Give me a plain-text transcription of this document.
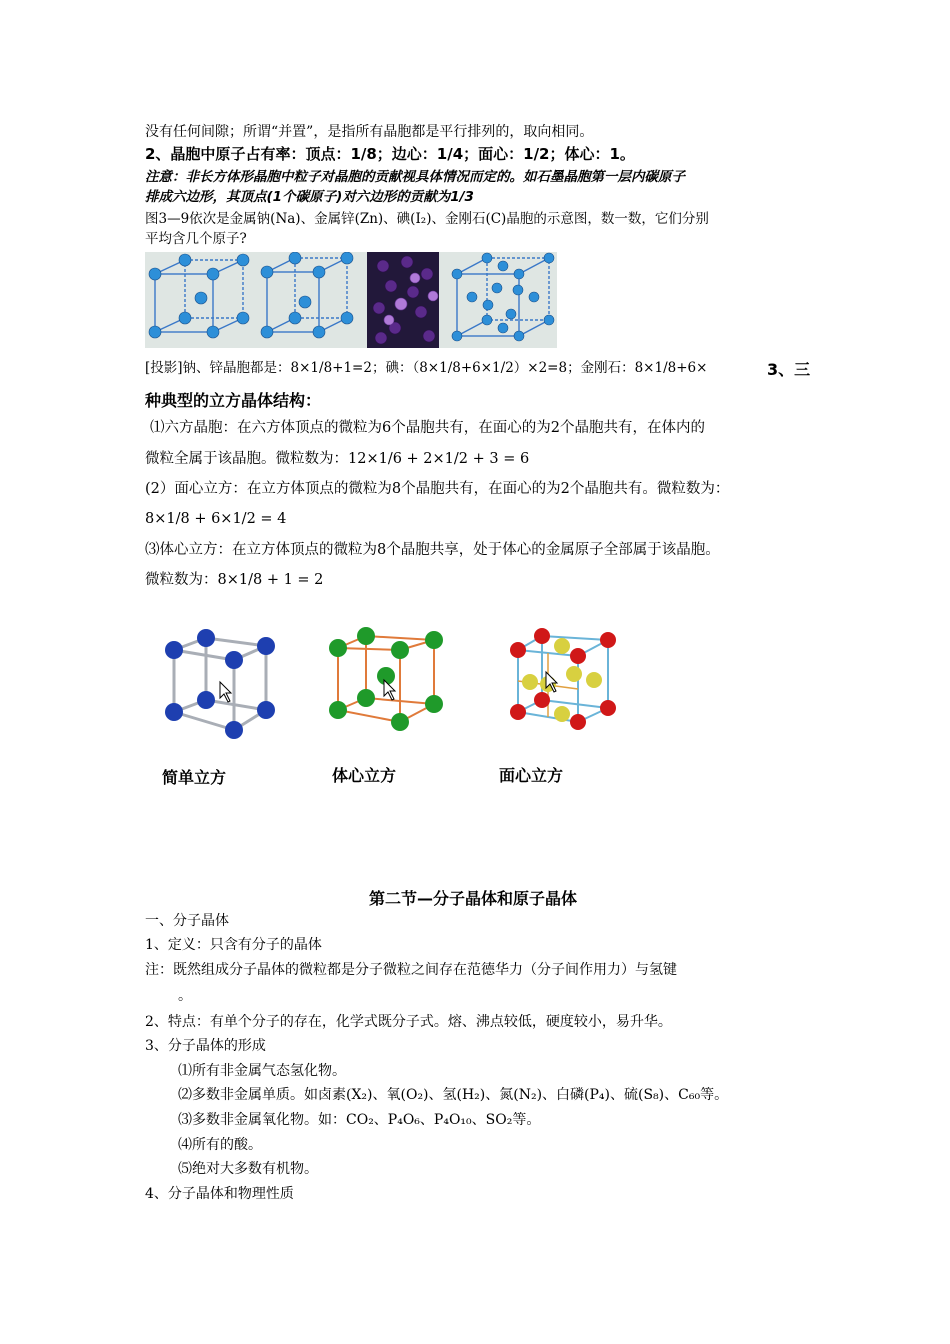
没有任何间隙；所谓“并置”，是指所有晶胞都是平行排列的，取向相同。
2、晶胞中原子占有率：顶点：1/8；边心：1/4；面心：1/2；体心：1。
注意：非长方体形晶胞中粒子对晶胞的贡献视具体情况而定的。如石墨晶胞第一层内碳原子
排成六边形，其顶点(1个碳原子)对六边形的贡献为1/3
图3—9依次是金属钠(Na)、金属锌(Zn)、碘(I₂)、金刚石(C)晶胞的示意图，数一数，它们分别
平均含几个原子?
[投影]钠、锌晶胞都是：8×1/8+1=2；碘：（8×1/8+6×1/2）×2=8；金刚石：8×1/8+6×	3、三
种典型的立方晶体结构：
⑴六方晶胞：在六方体顶点的微粒为6个晶胞共有，在面心的为2个晶胞共有，在体内的
微粒全属于该晶胞。微粒数为：12×1/6 + 2×1/2 + 3 = 6
(2）面心立方：在立方体顶点的微粒为8个晶胞共有，在面心的为2个晶胞共有。微粒数为：
8×1/8 + 6×1/2 = 4
⑶体心立方：在立方体顶点的微粒为8个晶胞共享，处于体心的金属原子全部属于该晶胞。
微粒数为：8×1/8 + 1 = 2
简单立方	体心立方	面心立方
第二节—分子晶体和原子晶体
一、分子晶体
1、定义：只含有分子的晶体
注：既然组成分子晶体的微粒都是分子微粒之间存在范德华力（分子间作用力）与氢键
。
2、特点：有单个分子的存在，化学式既分子式。熔、沸点较低，硬度较小，易升华。
3、分子晶体的形成
⑴所有非金属气态氢化物。
⑵多数非金属单质。如卤素(X₂)、氧(O₂)、氢(H₂)、氮(N₂)、白磷(P₄)、硫(S₈)、C₆₀等。
⑶多数非金属氧化物。如：CO₂、P₄O₆、P₄O₁₀、SO₂等。
⑷所有的酸。
⑸绝对大多数有机物。
4、分子晶体和物理性质
